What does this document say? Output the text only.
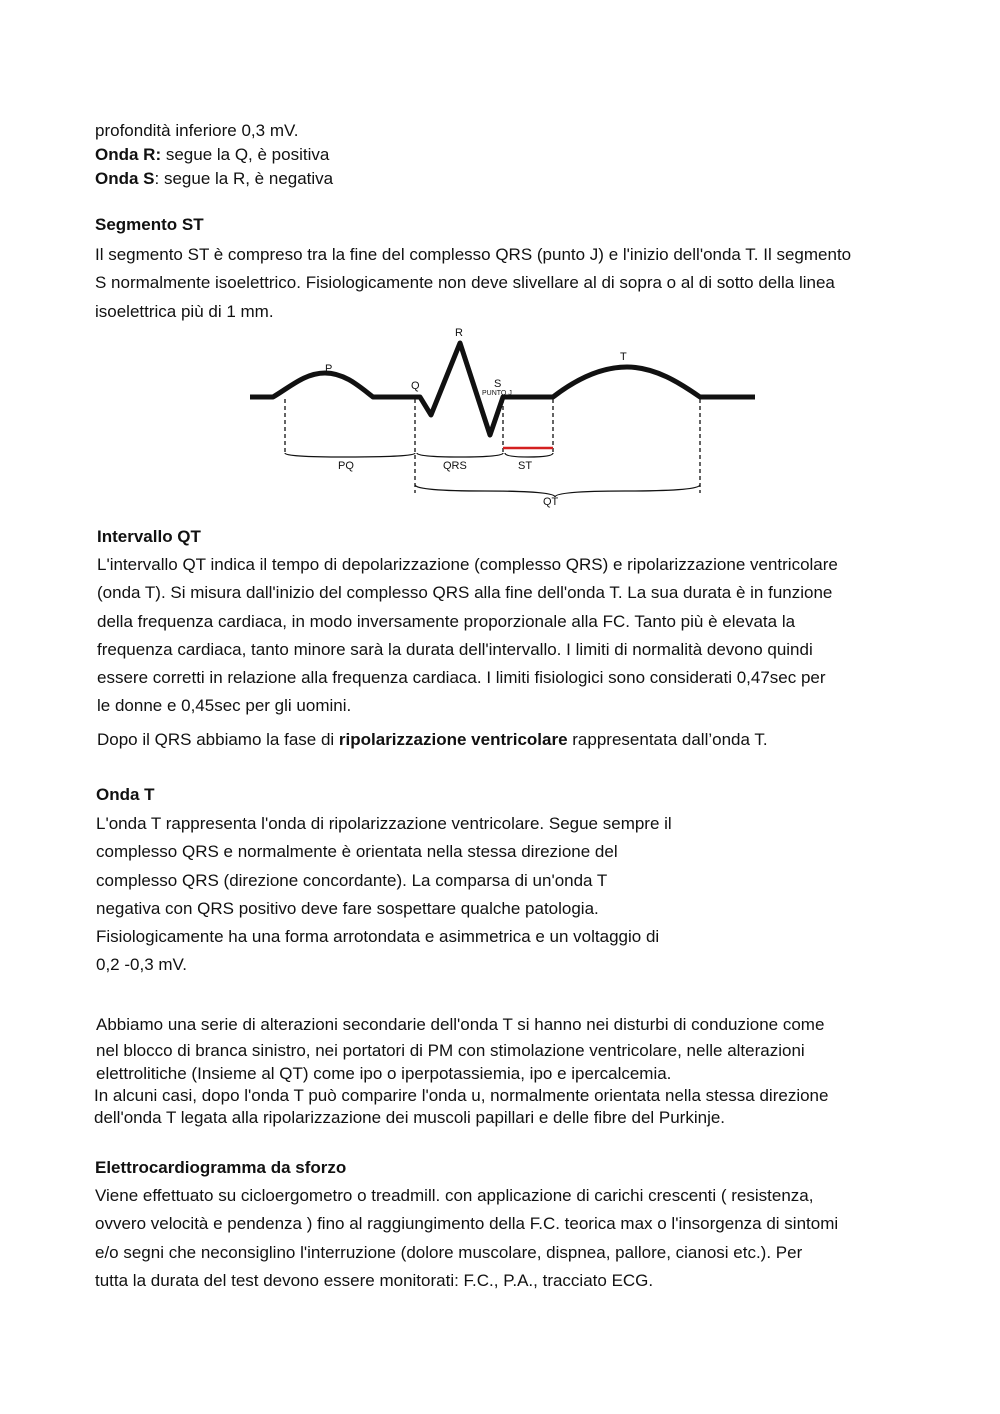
profondità inferiore 0,3 mV.

Onda R: segue la Q, è positiva

Onda S: segue la R, è negativa

Segmento ST

Il segmento ST è compreso tra la fine del complesso QRS (punto J) e l'inizio dell'onda T. Il segmento

S normalmente isoelettrico. Fisiologicamente non deve slivellare al di sopra o al di sotto della linea

isoelettrica più di 1 mm.

R
P
Q	S
PUNTO J
T
PQ	QRS	ST
QT
Intervallo QT

L'intervallo QT indica il tempo di depolarizzazione (complesso QRS) e ripolarizzazione ventricolare

(onda T). Si misura dall'inizio del complesso QRS alla fine dell'onda T. La sua durata è in funzione

della frequenza cardiaca, in modo inversamente proporzionale alla FC. Tanto più è elevata la

frequenza cardiaca, tanto minore sarà la durata dell'intervallo. I limiti di normalità devono quindi

essere corretti in relazione alla frequenza cardiaca. I limiti fisiologici sono considerati 0,47sec per

le donne e 0,45sec per gli uomini.

Dopo il QRS abbiamo la fase di ripolarizzazione ventricolare rappresentata dall’onda T.
Onda T

L'onda T rappresenta l'onda di ripolarizzazione ventricolare. Segue sempre il

complesso QRS e normalmente è orientata nella stessa direzione del

complesso QRS (direzione concordante). La comparsa di un'onda T

negativa con QRS positivo deve fare sospettare qualche patologia.

Fisiologicamente ha una forma arrotondata e asimmetrica e un voltaggio di

0,2 -0,3 mV.

Abbiamo una serie di alterazioni secondarie dell'onda T si hanno nei disturbi di conduzione come

nel blocco di branca sinistro, nei portatori di PM con stimolazione ventricolare, nelle alterazioni

elettrolitiche (Insieme al QT) come ipo o iperpotassiemia, ipo e ipercalcemia.

In alcuni casi, dopo l'onda T può comparire l'onda u, normalmente orientata nella stessa direzione

dell'onda T legata alla ripolarizzazione dei muscoli papillari e delle fibre del Purkinje.

Elettrocardiogramma da sforzo

Viene effettuato su cicloergometro o treadmill. con applicazione di carichi crescenti ( resistenza,

ovvero velocità e pendenza ) fino al raggiungimento della F.C. teorica max o l'insorgenza di sintomi

e/o segni che neconsiglino l'interruzione (dolore muscolare, dispnea, pallore, cianosi etc.). Per

tutta la durata del test devono essere monitorati: F.C., P.A., tracciato ECG.
